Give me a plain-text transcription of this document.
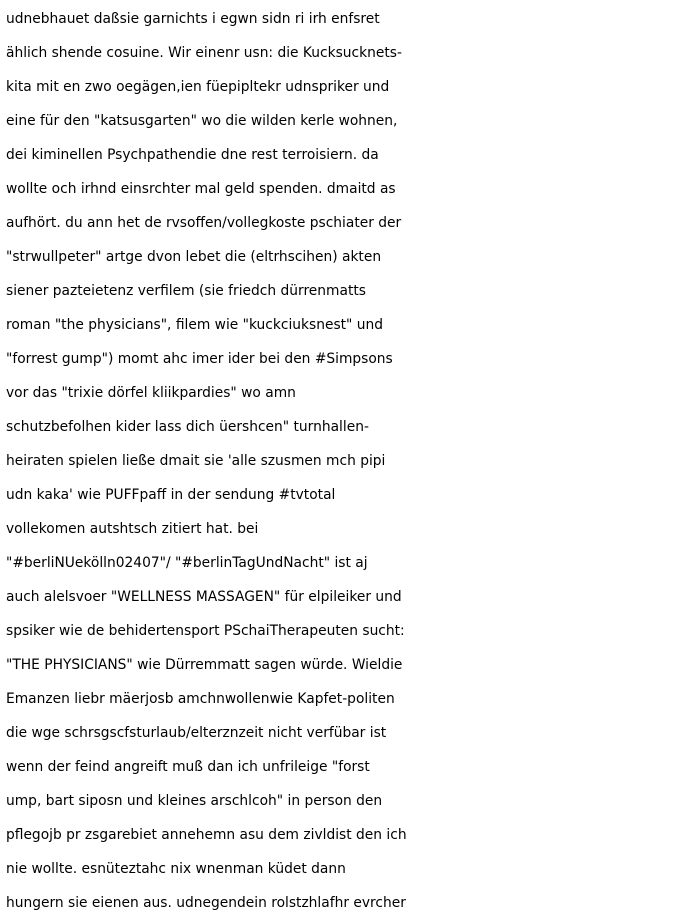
udnebhauet daßsie garnichts i egwn sidn ri irh enfsret
ählich shende cosuine. Wir einenr usn: die Kucksucknets-
kita mit en zwo oegägen,ien füepipltekr udnspriker und
eine für den "katsusgarten" wo die wilden kerle wohnen,
dei kiminellen Psychpathendie dne rest terroisiern. da
wollte och irhnd einsrchter mal geld spenden. dmaitd as
aufhört. du ann het de rvsoffen/vollegkoste pschiater der
"strwullpeter" artge dvon lebet die (eltrhscihen) akten
siener pazteietenz verfilem (sie friedch dürrenmatts
roman "the physicians", filem wie "kuckciuksnest" und
"forrest gump") momt ahc imer ider bei den #Simpsons
vor das "trixie dörfel kliikpardies" wo amn
schutzbefolhen kider lass dich üershcen" turnhallen-
heiraten spielen ließe dmait sie 'alle szusmen mch pipi
udn kaka' wie PUFFpaff in der sendung #tvtotal
vollekomen autshtsch zitiert hat. bei
"#berliNUekölln02407"/ "#berlinTagUndNacht" ist aj
auch alelsvoer "WELLNESS MASSAGEN" für elpileiker und
spsiker wie de behidertensport PSchaiTherapeuten sucht:
"THE PHYSICIANS" wie Dürremmatt sagen würde. Wieldie
Emanzen liebr mäerjosb amchnwollenwie Kapfet-politen
die wge schrsgscfsturlaub/elterznzeit nicht verfübar ist
wenn der feind angreift muß dan ich unfrileige "forst
ump, bart siposn und kleines arschlcoh" in person den
pflegojb pr zsgarebiet annehemn asu dem zivldist den ich
nie wollte. esnüteztahc nix wnenman küdet dann
hungern sie eienen aus. udnegendein rolstzhlafhr evrcher
